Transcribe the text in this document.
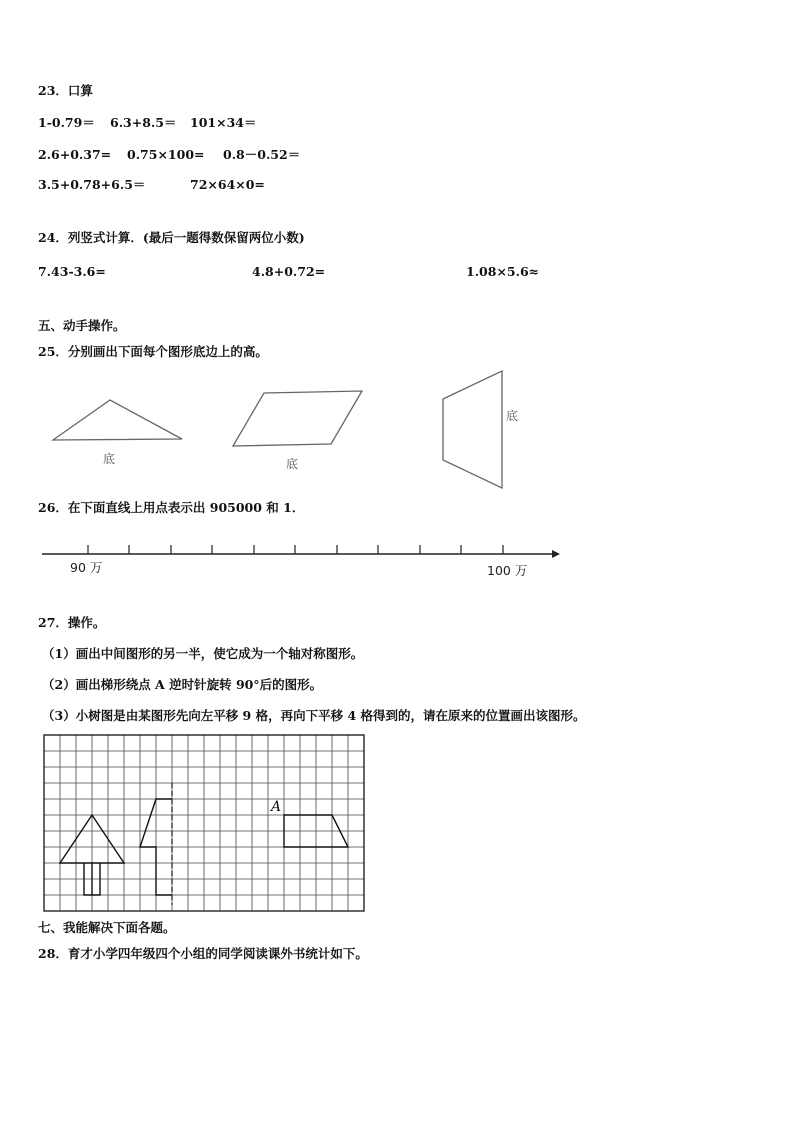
23．口算
1-0.79＝ 6.3+8.5＝ 101×34＝
2.6+0.37= 0.75×100= 0.8－0.52＝
3.5+0.78+6.5＝	72×64×0=
24．列竖式计算．(最后一题得数保留两位小数)
7.43-3.6=	4.8+0.72=	1.08×5.6≈
五、动手操作。
25．分别画出下面每个图形底边上的高。
底	底
底
26．在下面直线上用点表示出 905000 和 1．
90 万	100 万
27．操作。
（1）画出中间图形的另一半，使它成为一个轴对称图形。
（2）画出梯形绕点 A 逆时针旋转 90°后的图形。
（3）小树图是由某图形先向左平移 9 格，再向下平移 4 格得到的，请在原来的位置画出该图形。
A
七、我能解决下面各题。
28．育才小学四年级四个小组的同学阅读课外书统计如下。
